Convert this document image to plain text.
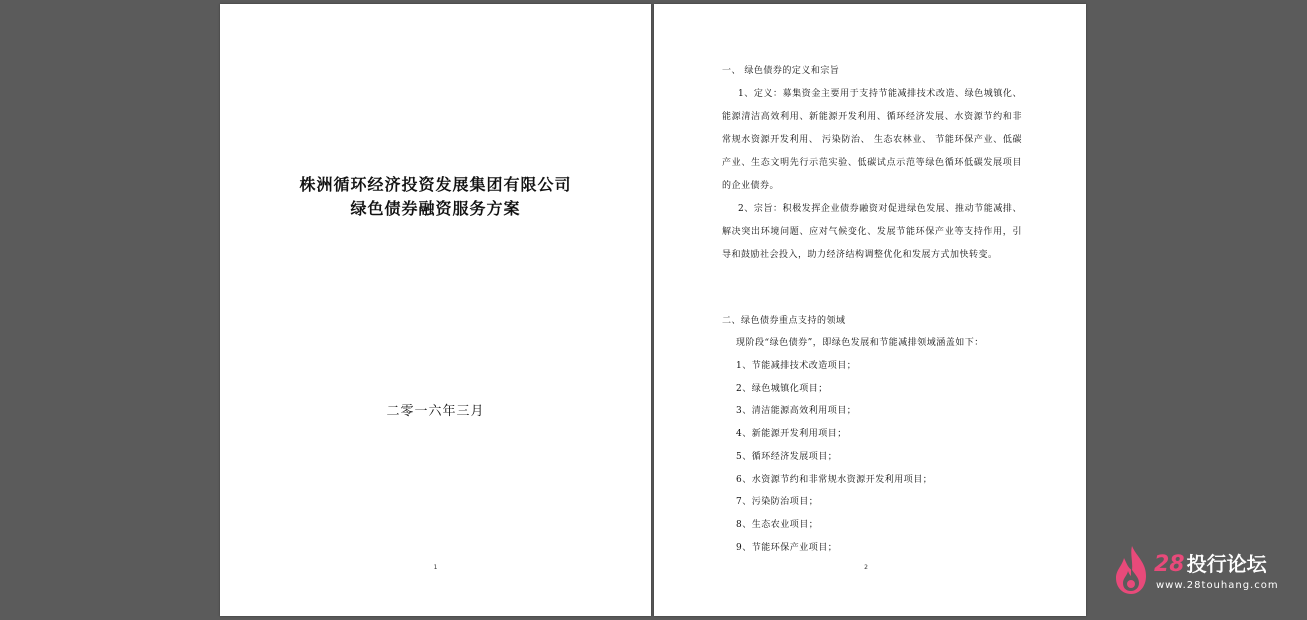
株洲循环经济投资发展集团有限公司
绿色债券融资服务方案
二零一六年三月
1
一、 绿色债券的定义和宗旨
1、定义：募集资金主要用于支持节能减排技术改造、绿色城镇化、能源清洁高效利用、新能源开发利用、循环经济发展、水资源节约和非常规水资源开发利用、 污染防治、 生态农林业、 节能环保产业、低碳产业、生态文明先行示范实验、低碳试点示范等绿色循环低碳发展项目的企业债券。
2、宗旨：积极发挥企业债券融资对促进绿色发展、推动节能减排、解决突出环境问题、应对气候变化、发展节能环保产业等支持作用，引导和鼓励社会投入，助力经济结构调整优化和发展方式加快转变。
二、绿色债券重点支持的领域
现阶段“绿色债券”，即绿色发展和节能减排领域涵盖如下：
1、节能减排技术改造项目；
2、绿色城镇化项目；
3、清洁能源高效利用项目；
4、新能源开发利用项目；
5、循环经济发展项目；
6、水资源节约和非常规水资源开发利用项目；
7、污染防治项目；
8、生态农业项目；
9、节能环保产业项目；
2	28 投行论坛
www.28touhang.com
